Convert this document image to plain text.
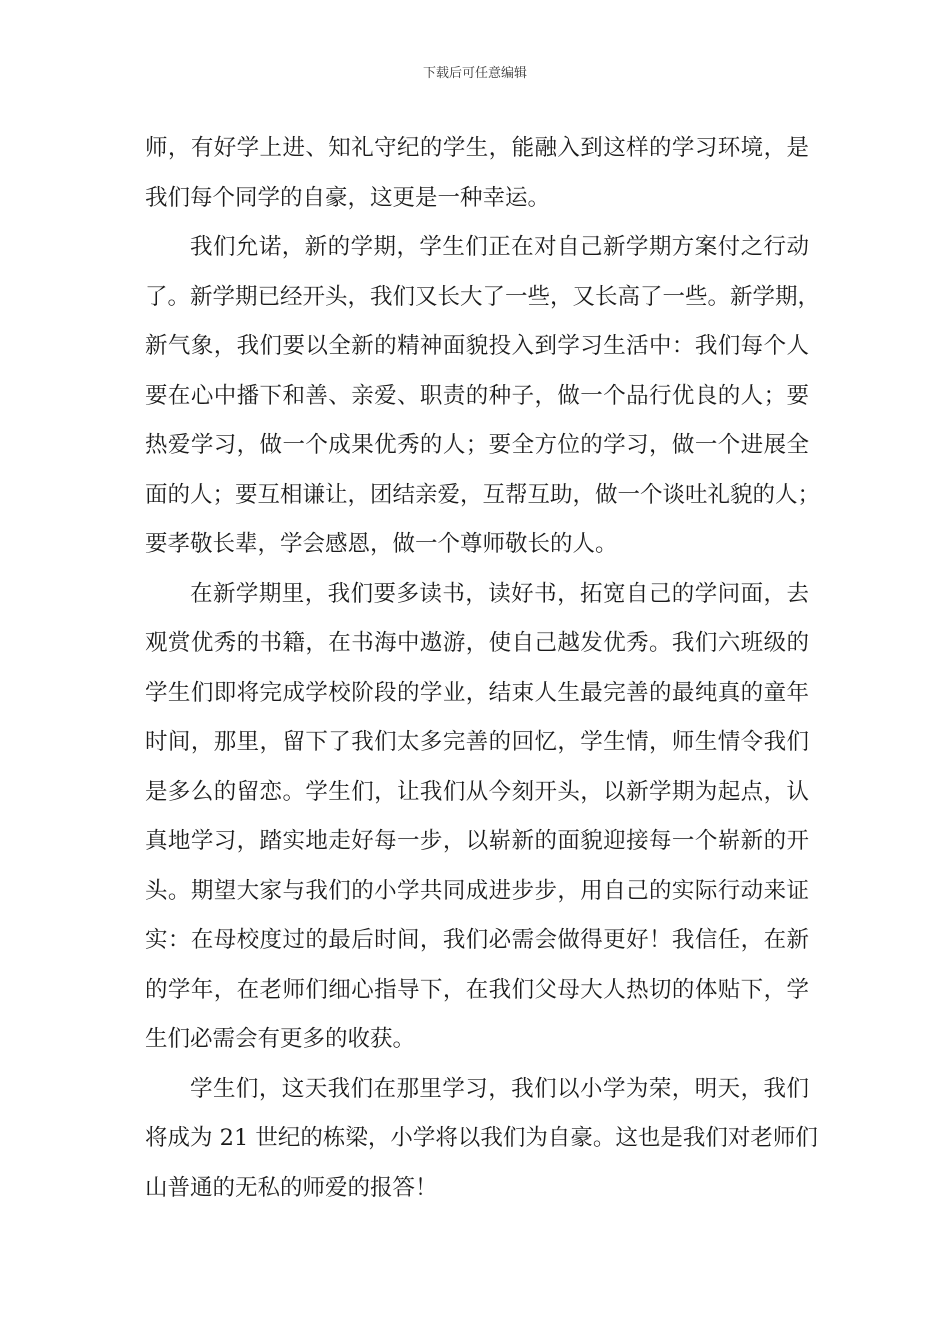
下载后可任意编辑
师，有好学上进、知礼守纪的学生，能融入到这样的学习环境，是
我们每个同学的自豪，这更是一种幸运。
我们允诺，新的学期，学生们正在对自己新学期方案付之行动
了。新学期已经开头，我们又长大了一些，又长高了一些。新学期，
新气象，我们要以全新的精神面貌投入到学习生活中：我们每个人
要在心中播下和善、亲爱、职责的种子，做一个品行优良的人；要
热爱学习，做一个成果优秀的人；要全方位的学习，做一个进展全
面的人；要互相谦让，团结亲爱，互帮互助，做一个谈吐礼貌的人；
要孝敬长辈，学会感恩，做一个尊师敬长的人。
在新学期里，我们要多读书，读好书，拓宽自己的学问面，去
观赏优秀的书籍，在书海中遨游，使自己越发优秀。我们六班级的
学生们即将完成学校阶段的学业，结束人生最完善的最纯真的童年
时间，那里，留下了我们太多完善的回忆，学生情，师生情令我们
是多么的留恋。学生们，让我们从今刻开头，以新学期为起点，认
真地学习，踏实地走好每一步，以崭新的面貌迎接每一个崭新的开
头。期望大家与我们的小学共同成进步步，用自己的实际行动来证
实：在母校度过的最后时间，我们必需会做得更好！我信任，在新
的学年，在老师们细心指导下，在我们父母大人热切的体贴下，学
生们必需会有更多的收获。
学生们，这天我们在那里学习，我们以小学为荣，明天，我们
将成为 21 世纪的栋梁，小学将以我们为自豪。这也是我们对老师们
山普通的无私的师爱的报答！
